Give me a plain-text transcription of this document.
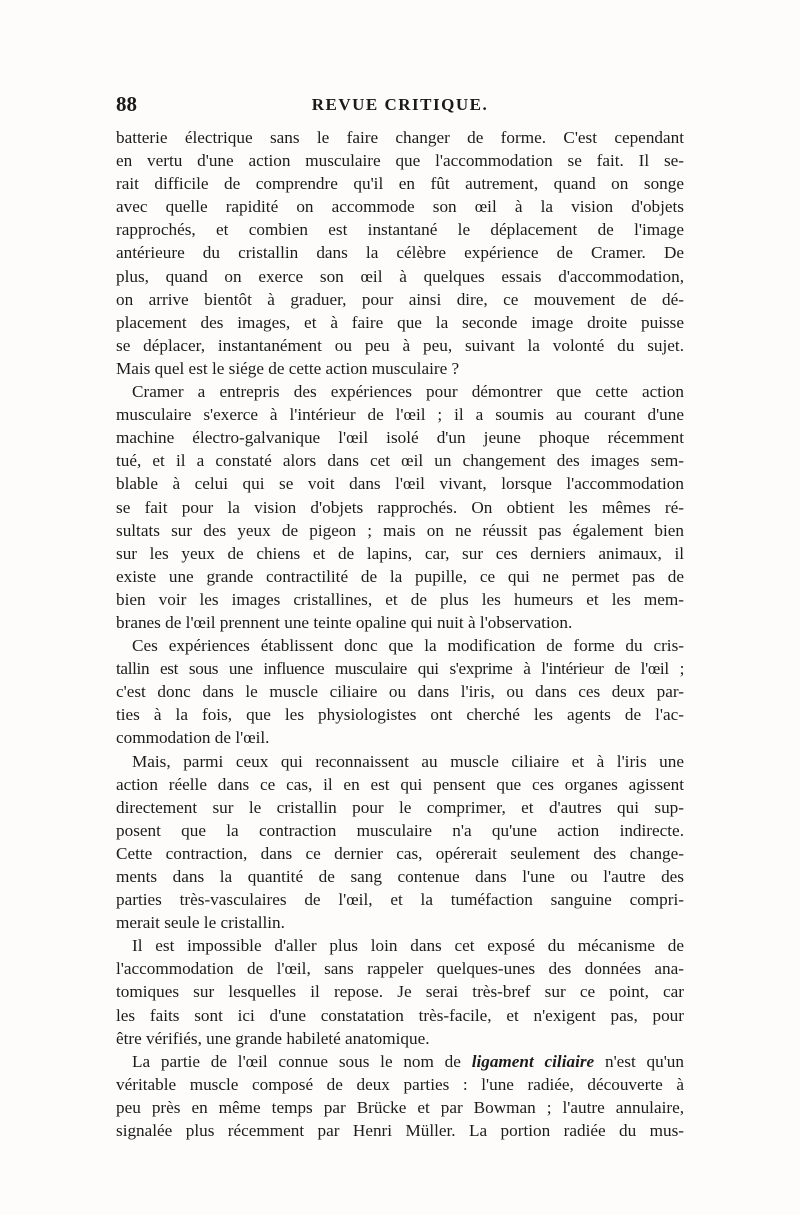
88	REVUE CRITIQUE.
batterie électrique sans le faire changer de forme. C'est cependant
en vertu d'une action musculaire que l'accommodation se fait. Il se-
rait difficile de comprendre qu'il en fût autrement, quand on songe
avec quelle rapidité on accommode son œil à la vision d'objets
rapprochés, et combien est instantané le déplacement de l'image
antérieure du cristallin dans la célèbre expérience de Cramer. De
plus, quand on exerce son œil à quelques essais d'accommodation,
on arrive bientôt à graduer, pour ainsi dire, ce mouvement de dé-
placement des images, et à faire que la seconde image droite puisse
se déplacer, instantanément ou peu à peu, suivant la volonté du sujet.
Mais quel est le siége de cette action musculaire ?
Cramer a entrepris des expériences pour démontrer que cette action
musculaire s'exerce à l'intérieur de l'œil ; il a soumis au courant d'une
machine électro-galvanique l'œil isolé d'un jeune phoque récemment
tué, et il a constaté alors dans cet œil un changement des images sem-
blable à celui qui se voit dans l'œil vivant, lorsque l'accommodation
se fait pour la vision d'objets rapprochés. On obtient les mêmes ré-
sultats sur des yeux de pigeon ; mais on ne réussit pas également bien
sur les yeux de chiens et de lapins, car, sur ces derniers animaux, il
existe une grande contractilité de la pupille, ce qui ne permet pas de
bien voir les images cristallines, et de plus les humeurs et les mem-
branes de l'œil prennent une teinte opaline qui nuit à l'observation.
Ces expériences établissent donc que la modification de forme du cris-
tallin est sous une influence musculaire qui s'exprime à l'intérieur de l'œil ;
c'est donc dans le muscle ciliaire ou dans l'iris, ou dans ces deux par-
ties à la fois, que les physiologistes ont cherché les agents de l'ac-
commodation de l'œil.
Mais, parmi ceux qui reconnaissent au muscle ciliaire et à l'iris une
action réelle dans ce cas, il en est qui pensent que ces organes agissent
directement sur le cristallin pour le comprimer, et d'autres qui sup-
posent que la contraction musculaire n'a qu'une action indirecte.
Cette contraction, dans ce dernier cas, opérerait seulement des change-
ments dans la quantité de sang contenue dans l'une ou l'autre des
parties très-vasculaires de l'œil, et la tuméfaction sanguine compri-
merait seule le cristallin.
Il est impossible d'aller plus loin dans cet exposé du mécanisme de
l'accommodation de l'œil, sans rappeler quelques-unes des données ana-
tomiques sur lesquelles il repose. Je serai très-bref sur ce point, car
les faits sont ici d'une constatation très-facile, et n'exigent pas, pour
être vérifiés, une grande habileté anatomique.
La partie de l'œil connue sous le nom de ligament ciliaire n'est qu'un
véritable muscle composé de deux parties : l'une radiée, découverte à
peu près en même temps par Brücke et par Bowman ; l'autre annulaire,
signalée plus récemment par Henri Müller. La portion radiée du mus-
